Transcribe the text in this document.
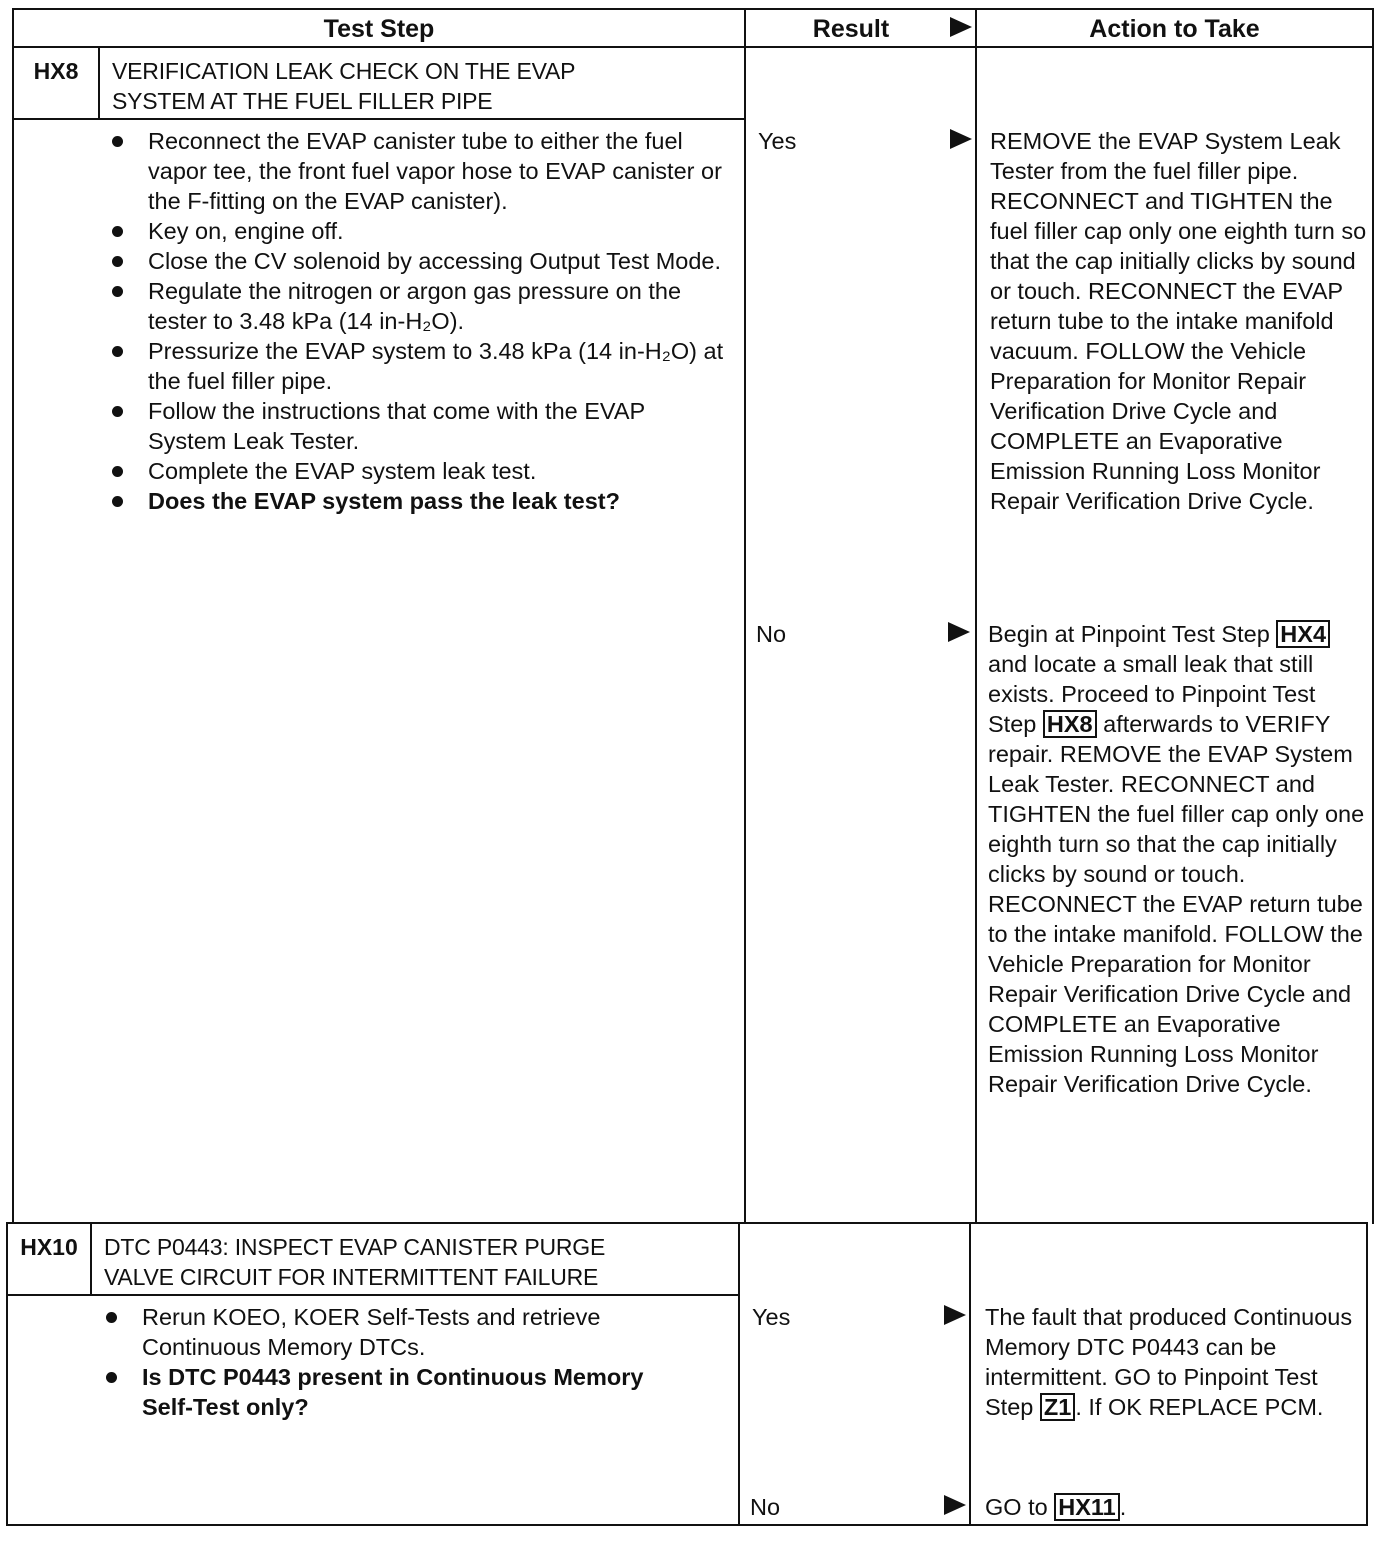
Test Step	Result	Action to Take
HX8	VERIFICATION LEAK CHECK ON THE EVAP
SYSTEM AT THE FUEL FILLER PIPE
Reconnect the EVAP canister tube to either the fuel vapor tee, the front fuel vapor hose to EVAP canister or the F-fitting on the EVAP canister).
Key on, engine off.
Close the CV solenoid by accessing Output Test Mode.
Regulate the nitrogen or argon gas pressure on the tester to 3.48 kPa (14 in-H₂O).
Pressurize the EVAP system to 3.48 kPa (14 in-H₂O) at the fuel filler pipe.
Follow the instructions that come with the EVAP System Leak Tester.
Complete the EVAP system leak test.
Does the EVAP system pass the leak test?
Yes	REMOVE the EVAP System Leak Tester from the fuel filler pipe. RECONNECT and TIGHTEN the fuel filler cap only one eighth turn so that the cap initially clicks by sound or touch. RECONNECT the EVAP return tube to the intake manifold vacuum. FOLLOW the Vehicle Preparation for Monitor Repair Verification Drive Cycle and COMPLETE an Evaporative Emission Running Loss Monitor Repair Verification Drive Cycle.
No	Begin at Pinpoint Test Step HX4 and locate a small leak that still exists. Proceed to Pinpoint Test Step HX8 afterwards to VERIFY repair. REMOVE the EVAP System Leak Tester. RECONNECT and TIGHTEN the fuel filler cap only one eighth turn so that the cap initially clicks by sound or touch. RECONNECT the EVAP return tube to the intake manifold. FOLLOW the Vehicle Preparation for Monitor Repair Verification Drive Cycle and COMPLETE an Evaporative Emission Running Loss Monitor Repair Verification Drive Cycle.
HX10	DTC P0443: INSPECT EVAP CANISTER PURGE
VALVE CIRCUIT FOR INTERMITTENT FAILURE
Rerun KOEO, KOER Self-Tests and retrieve Continuous Memory DTCs.
Is DTC P0443 present in Continuous Memory Self-Test only?
Yes	The fault that produced Continuous Memory DTC P0443 can be intermittent. GO to Pinpoint Test Step Z1 . If OK REPLACE PCM.
No	GO to HX11 .
